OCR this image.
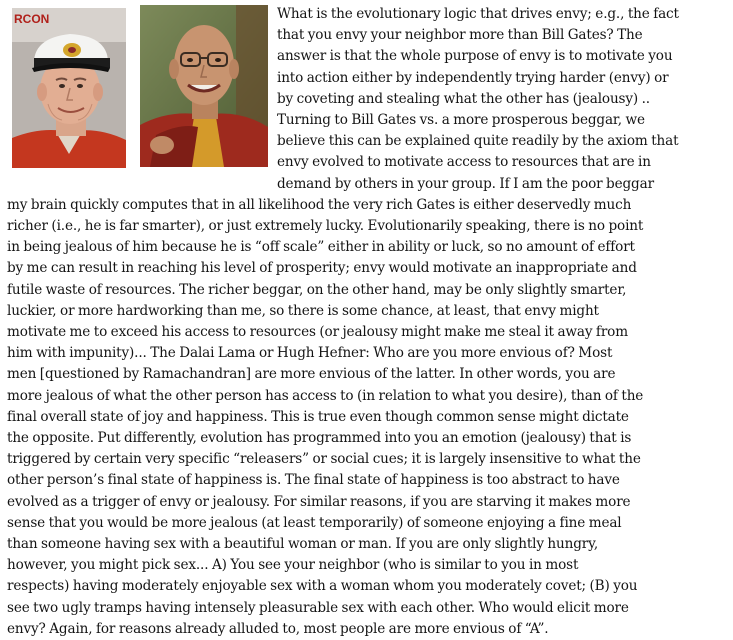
RCON	What is the evolutionary logic that drives envy; e.g., the fact
that you envy your neighbor more than Bill Gates? The
answer is that the whole purpose of envy is to motivate you
into action either by independently trying harder (envy) or
by coveting and stealing what the other has (jealousy) ..
Turning to Bill Gates vs. a more prosperous beggar, we
believe this can be explained quite readily by the axiom that
envy evolved to motivate access to resources that are in
demand by others in your group. If I am the poor beggar
my brain quickly computes that in all likelihood the very rich Gates is either deservedly much
richer (i.e., he is far smarter), or just extremely lucky. Evolutionarily speaking, there is no point
in being jealous of him because he is “off scale” either in ability or luck, so no amount of effort
by me can result in reaching his level of prosperity; envy would motivate an inappropriate and
futile waste of resources. The richer beggar, on the other hand, may be only slightly smarter,
luckier, or more hardworking than me, so there is some chance, at least, that envy might
motivate me to exceed his access to resources (or jealousy might make me steal it away from
him with impunity)... The Dalai Lama or Hugh Hefner: Who are you more envious of? Most
men [questioned by Ramachandran] are more envious of the latter. In other words, you are
more jealous of what the other person has access to (in relation to what you desire), than of the
final overall state of joy and happiness. This is true even though common sense might dictate
the opposite. Put differently, evolution has programmed into you an emotion (jealousy) that is
triggered by certain very specific “releasers” or social cues; it is largely insensitive to what the
other person’s final state of happiness is. The final state of happiness is too abstract to have
evolved as a trigger of envy or jealousy. For similar reasons, if you are starving it makes more
sense that you would be more jealous (at least temporarily) of someone enjoying a fine meal
than someone having sex with a beautiful woman or man. If you are only slightly hungry,
however, you might pick sex... A) You see your neighbor (who is similar to you in most
respects) having moderately enjoyable sex with a woman whom you moderately covet; (B) you
see two ugly tramps having intensely pleasurable sex with each other. Who would elicit more
envy? Again, for reasons already alluded to, most people are more envious of “A”.
